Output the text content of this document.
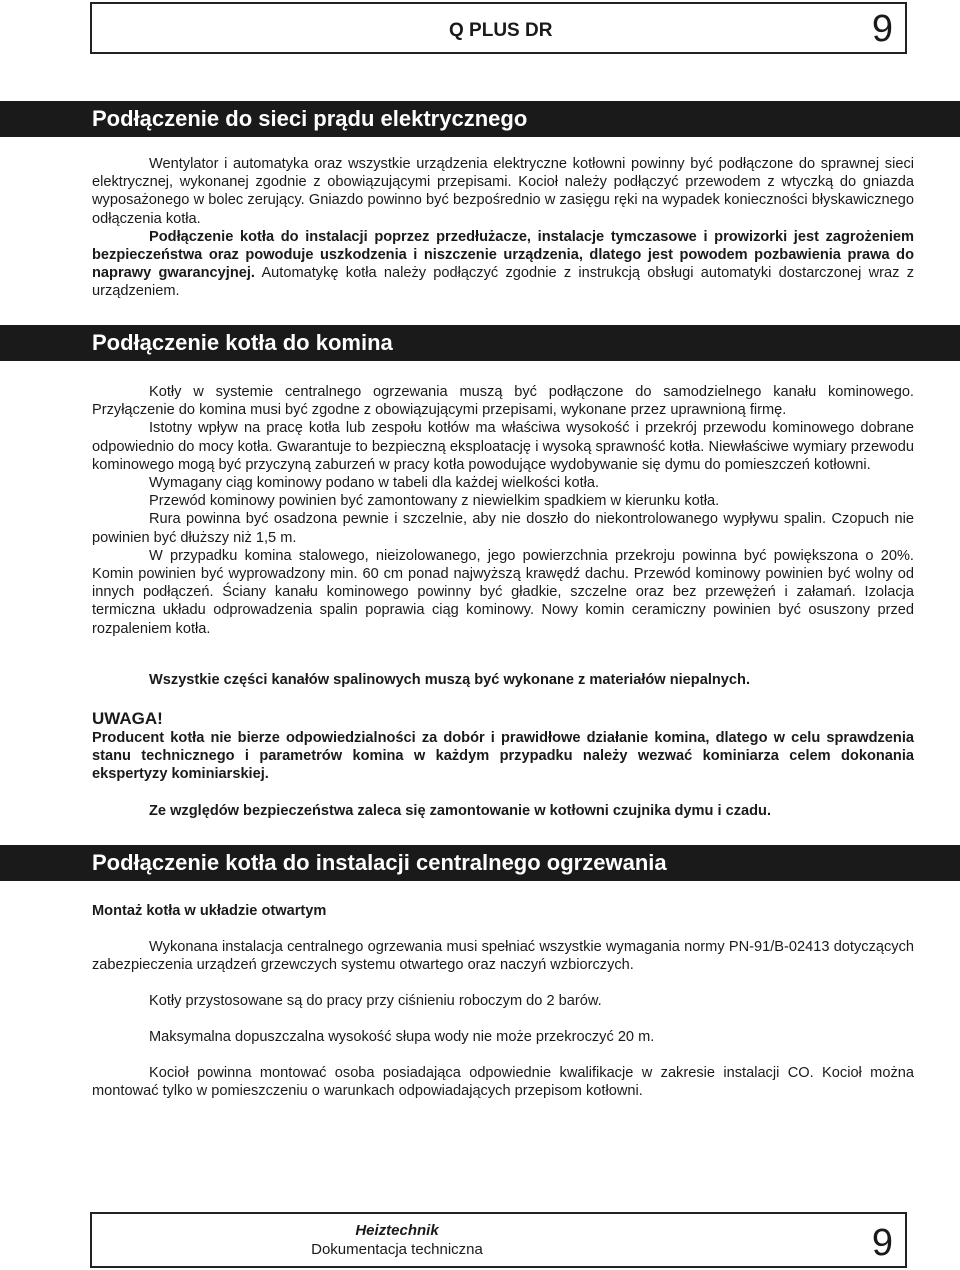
Q PLUS DR	9
Podłączenie do sieci prądu elektrycznego

Wentylator i automatyka oraz wszystkie urządzenia elektryczne kotłowni powinny być podłączone do sprawnej sieci elektrycznej, wykonanej zgodnie z obowiązującymi przepisami. Kocioł należy podłączyć przewodem z wtyczką do gniazda wyposażonego w bolec zerujący. Gniazdo powinno być bezpośrednio w zasięgu ręki na wypadek konieczności błyskawicznego odłączenia kotła.

Podłączenie kotła do instalacji poprzez przedłużacze, instalacje tymczasowe i prowizorki jest zagrożeniem bezpieczeństwa oraz powoduje uszkodzenia i niszczenie urządzenia, dlatego jest powodem pozbawienia prawa do naprawy gwarancyjnej. Automatykę kotła należy podłączyć zgodnie z instrukcją obsługi automatyki dostarczonej wraz z urządzeniem.

Podłączenie kotła do komina

Kotły w systemie centralnego ogrzewania muszą być podłączone do samodzielnego kanału kominowego. Przyłączenie do komina musi być zgodne z obowiązującymi przepisami, wykonane przez uprawnioną firmę.

Istotny wpływ na pracę kotła lub zespołu kotłów ma właściwa wysokość i przekrój przewodu kominowego dobrane odpowiednio do mocy kotła. Gwarantuje to bezpieczną eksploatację i wysoką sprawność kotła. Niewłaściwe wymiary przewodu kominowego mogą być przyczyną zaburzeń w pracy kotła powodujące wydobywanie się dymu do pomieszczeń kotłowni.

Wymagany ciąg kominowy podano w tabeli dla każdej wielkości kotła.

Przewód kominowy powinien być zamontowany z niewielkim spadkiem w kierunku kotła.

Rura powinna być osadzona pewnie i szczelnie, aby nie doszło do niekontrolowanego wypływu spalin. Czopuch nie powinien być dłuższy niż 1,5 m.

W przypadku komina stalowego, nieizolowanego, jego powierzchnia przekroju powinna być powiększona o 20%. Komin powinien być wyprowadzony min. 60 cm ponad najwyższą krawędź dachu. Przewód kominowy powinien być wolny od innych podłączeń. Ściany kanału kominowego powinny być gładkie, szczelne oraz bez przewężeń i załamań. Izolacja termiczna układu odprowadzenia spalin poprawia ciąg kominowy. Nowy komin ceramiczny powinien być osuszony przed rozpaleniem kotła.

Wszystkie części kanałów spalinowych muszą być wykonane z materiałów niepalnych.

UWAGA!
Producent kotła nie bierze odpowiedzialności za dobór i prawidłowe działanie komina, dlatego w celu sprawdzenia stanu technicznego i parametrów komina w każdym przypadku należy wezwać kominiarza celem dokonania ekspertyzy kominiarskiej.

Ze względów bezpieczeństwa zaleca się zamontowanie w kotłowni czujnika dymu i czadu.

Podłączenie kotła do instalacji centralnego ogrzewania
Montaż kotła w układzie otwartym

Wykonana instalacja centralnego ogrzewania musi spełniać wszystkie wymagania normy PN-91/B-02413 dotyczących zabezpieczenia urządzeń grzewczych systemu otwartego oraz naczyń wzbiorczych.

Kotły przystosowane są do pracy przy ciśnieniu roboczym do 2 barów.

Maksymalna dopuszczalna wysokość słupa wody nie może przekroczyć 20 m.

Kocioł powinna montować osoba posiadająca odpowiednie kwalifikacje w zakresie instalacji CO. Kocioł można montować tylko w pomieszczeniu o warunkach odpowiadających przepisom kotłowni.

Heiztechnik
Dokumentacja techniczna	9
